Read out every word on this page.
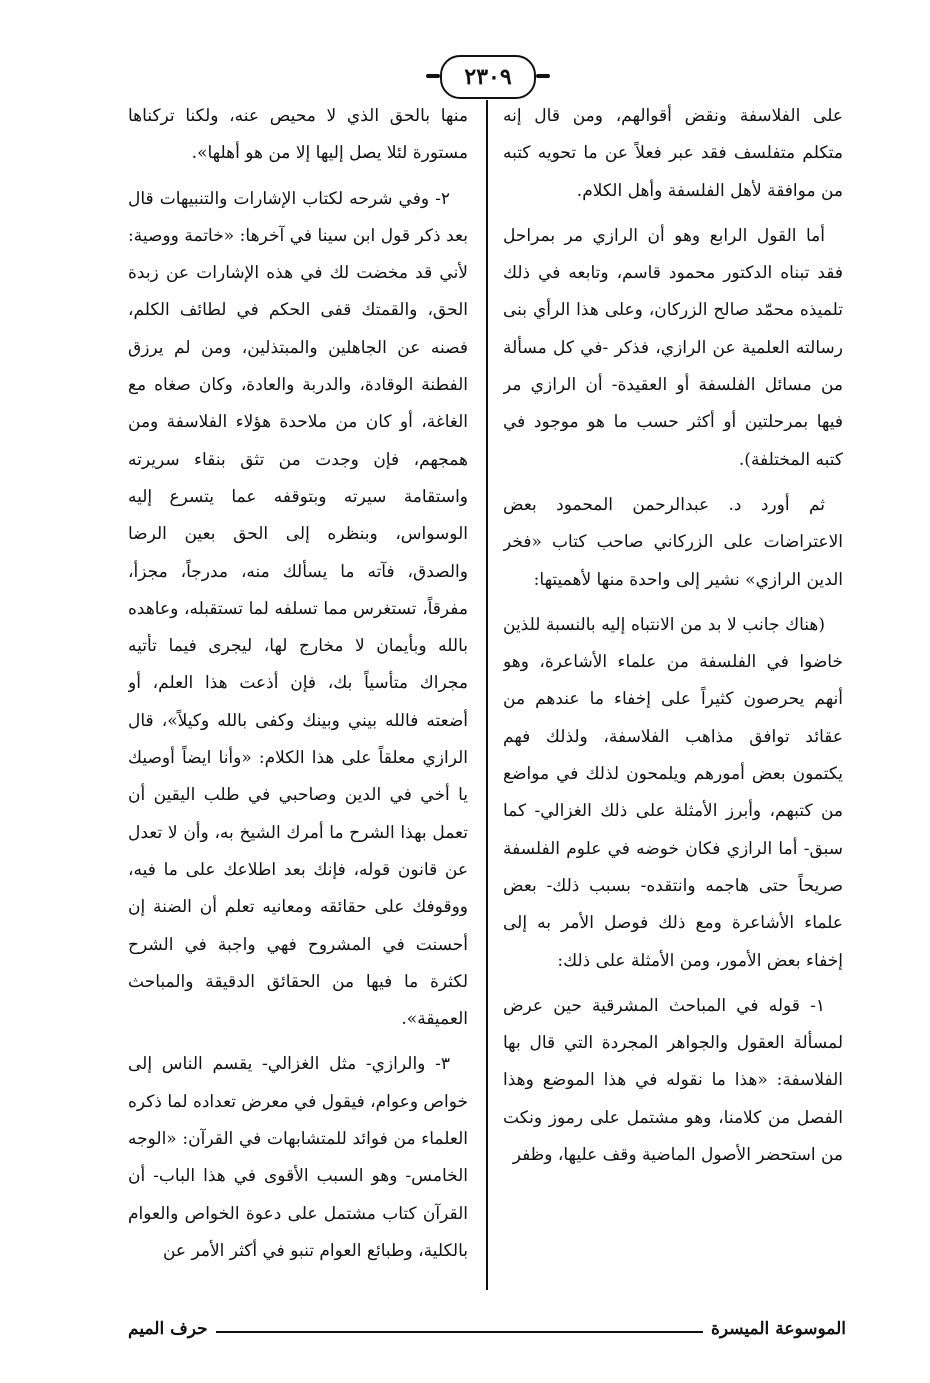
٢٣٠٩

على الفلاسفة ونقض أقوالهم، ومن قال إنه متكلم متفلسف فقد عبر فعلاً عن ما تحويه كتبه من موافقة لأهل الفلسفة وأهل الكلام.

أما القول الرابع وهو أن الرازي مر بمراحل فقد تبناه الدكتور محمود قاسم، وتابعه في ذلك تلميذه محمّد صالح الزركان، وعلى هذا الرأي بنى رسالته العلمية عن الرازي، فذكر -في كل مسألة من مسائل الفلسفة أو العقيدة- أن الرازي مر فيها بمرحلتين أو أكثر حسب ما هو موجود في كتبه المختلفة).

ثم أورد د. عبدالرحمن المحمود بعض الاعتراضات على الزركاني صاحب كتاب «فخر الدين الرازي» نشير إلى واحدة منها لأهميتها:

(هناك جانب لا بد من الانتباه إليه بالنسبة للذين خاضوا في الفلسفة من علماء الأشاعرة، وهو أنهم يحرصون كثيراً على إخفاء ما عندهم من عقائد توافق مذاهب الفلاسفة، ولذلك فهم يكتمون بعض أمورهم ويلمحون لذلك في مواضع من كتبهم، وأبرز الأمثلة على ذلك الغزالي- كما سبق- أما الرازي فكان خوضه في علوم الفلسفة صريحاً حتى هاجمه وانتقده- بسبب ذلك- بعض علماء الأشاعرة ومع ذلك فوصل الأمر به إلى إخفاء بعض الأمور، ومن الأمثلة على ذلك:

١- قوله في المباحث المشرقية حين عرض لمسألة العقول والجواهر المجردة التي قال بها الفلاسفة: «هذا ما نقوله في هذا الموضع وهذا الفصل من كلامنا، وهو مشتمل على رموز ونكت من استحضر الأصول الماضية وقف عليها، وظفر

منها بالحق الذي لا محيص عنه، ولكنا تركناها مستورة لئلا يصل إليها إلا من هو أهلها».

٢- وفي شرحه لكتاب الإشارات والتنبيهات قال بعد ذكر قول ابن سينا في آخرها: «خاتمة ووصية: لأني قد مخضت لك في هذه الإشارات عن زبدة الحق، والقمتك قفى الحكم في لطائف الكلم، فصنه عن الجاهلين والمبتذلين، ومن لم يرزق الفطنة الوقادة، والدربة والعادة، وكان صغاه مع الغاغة، أو كان من ملاحدة هؤلاء الفلاسفة ومن همجهم، فإن وجدت من تثق بنقاء سريرته واستقامة سيرته وبتوقفه عما يتسرع إليه الوسواس، وبنظره إلى الحق بعين الرضا والصدق، فآته ما يسألك منه، مدرجاً، مجزأ، مفرقاً، تستغرس مما تسلفه لما تستقبله، وعاهده بالله وبأيمان لا مخارج لها، ليجرى فيما تأتيه مجراك متأسياً بك، فإن أذعت هذا العلم، أو أضعته فالله بيني وبينك وكفى بالله وكيلاً»، قال الرازي معلقاً على هذا الكلام: «وأنا ايضاً أوصيك يا أخي في الدين وصاحبي في طلب اليقين أن تعمل بهذا الشرح ما أمرك الشيخ به، وأن لا تعدل عن قانون قوله، فإنك بعد اطلاعك على ما فيه، ووقوفك على حقائقه ومعانيه تعلم أن الضنة إن أحسنت في المشروح فهي واجبة في الشرح لكثرة ما فيها من الحقائق الدقيقة والمباحث العميقة».

٣- والرازي- مثل الغزالي- يقسم الناس إلى خواص وعوام، فيقول في معرض تعداده لما ذكره العلماء من فوائد للمتشابهات في القرآن: «الوجه الخامس- وهو السبب الأقوى في هذا الباب- أن القرآن كتاب مشتمل على دعوة الخواص والعوام بالكلية، وطبائع العوام تنبو في أكثر الأمر عن

الموسوعة الميسرة
حرف الميم
